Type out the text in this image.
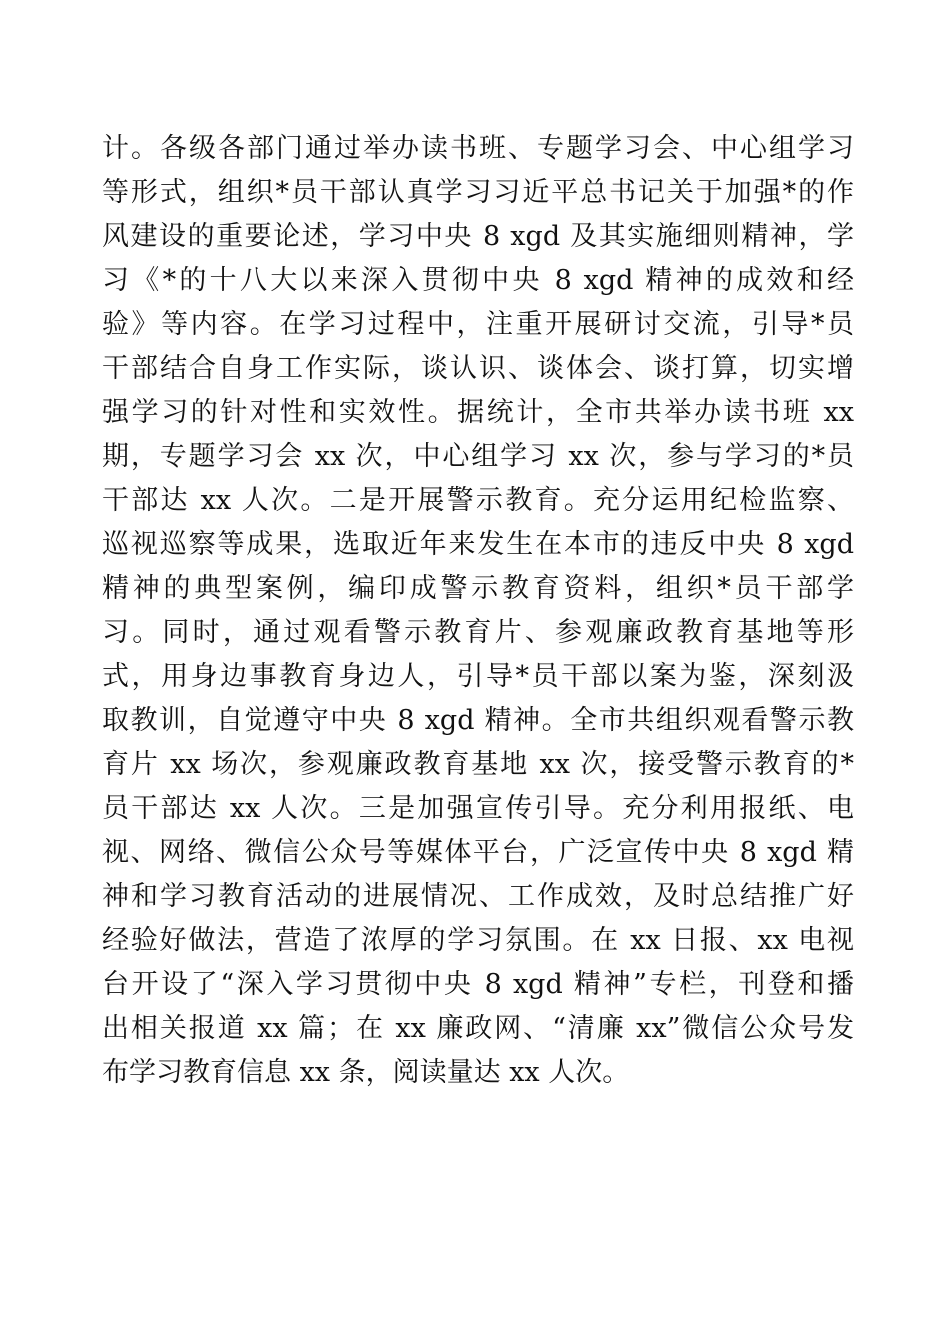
计。各级各部门通过举办读书班、专题学习会、中心组学习
等形式，组织*员干部认真学习习近平总书记关于加强*的作
风建设的重要论述，学习中央 8 xgd 及其实施细则精神，学
习《*的十八大以来深入贯彻中央 8 xgd 精神的成效和经
验》等内容。在学习过程中，注重开展研讨交流，引导*员
干部结合自身工作实际，谈认识、谈体会、谈打算，切实增
强学习的针对性和实效性。据统计，全市共举办读书班 xx
期，专题学习会 xx 次，中心组学习 xx 次，参与学习的*员
干部达 xx 人次。二是开展警示教育。充分运用纪检监察、
巡视巡察等成果，选取近年来发生在本市的违反中央 8 xgd
精神的典型案例，编印成警示教育资料，组织*员干部学
习。同时，通过观看警示教育片、参观廉政教育基地等形
式，用身边事教育身边人，引导*员干部以案为鉴，深刻汲
取教训，自觉遵守中央 8 xgd 精神。全市共组织观看警示教
育片 xx 场次，参观廉政教育基地 xx 次，接受警示教育的*
员干部达 xx 人次。三是加强宣传引导。充分利用报纸、电
视、网络、微信公众号等媒体平台，广泛宣传中央 8 xgd 精
神和学习教育活动的进展情况、工作成效，及时总结推广好
经验好做法，营造了浓厚的学习氛围。在 xx 日报、xx 电视
台开设了“深入学习贯彻中央 8 xgd 精神”专栏，刊登和播
出相关报道 xx 篇；在 xx 廉政网、“清廉 xx”微信公众号发
布学习教育信息 xx 条，阅读量达 xx 人次。
